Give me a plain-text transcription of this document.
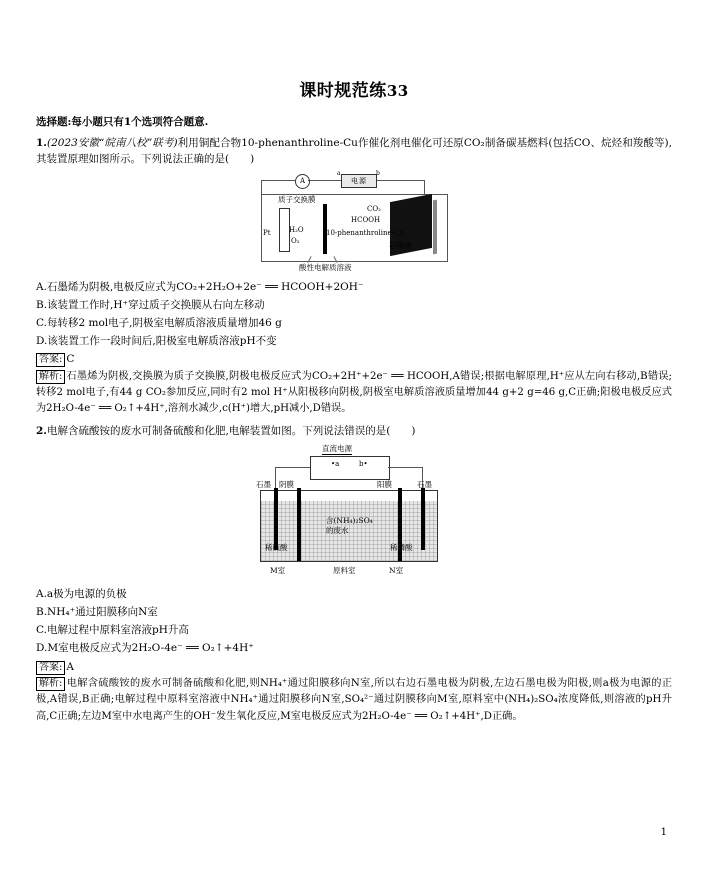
课时规范练33

选择题:每小题只有1个选项符合题意.

1.(2023安徽“皖南八校”联考)利用铜配合物10-phenanthroline-Cu作催化剂电催化可还原CO₂制备碳基燃料(包括CO、烷烃和羧酸等),其装置原理如图所示。下列说法正确的是(　　)

A	电源
a	b
质子交换膜
Pt	H₂O
O₂
10-phenanthroline-Cu
CO₂
HCOOH
石墨烯
酸性电解质溶液

A.石墨烯为阴极,电极反应式为CO₂+2H₂O+2e⁻ ══ HCOOH+2OH⁻

B.该装置工作时,H⁺穿过质子交换膜从右向左移动

C.每转移2 mol电子,阴极室电解质溶液质量增加46 g

D.该装置工作一段时间后,阳极室电解质溶液pH不变

答案: C

解析: 石墨烯为阴极,交换膜为质子交换膜,阴极电极反应式为CO₂+2H⁺+2e⁻ ══ HCOOH,A错误;根据电解原理,H⁺应从左向右移动,B错误;转移2 mol电子,有44 g CO₂参加反应,同时有2 mol H⁺从阳极移向阴极,阴极室电解质溶液质量增加44 g+2 g=46 g,C正确;阳极电极反应式为2H₂O-4e⁻ ══ O₂↑+4H⁺,溶剂水减少,c(H⁺)增大,pH减小,D错误。

2.电解含硫酸铵的废水可制备硫酸和化肥,电解装置如图。下列说法错误的是(　　)

直流电源
•a	b•
石墨 阴膜	阳膜	石墨
含(NH₄)₂SO₄
的废水
稀硫酸	稀磷酸
M室	原料室	N室

A.a极为电源的负极

B.NH₄⁺通过阳膜移向N室

C.电解过程中原料室溶液pH升高

D.M室电极反应式为2H₂O-4e⁻ ══ O₂↑+4H⁺

答案: A

解析: 电解含硫酸铵的废水可制备硫酸和化肥,则NH₄⁺通过阳膜移向N室,所以右边石墨电极为阴极,左边石墨电极为阳极,则a极为电源的正极,A错误,B正确;电解过程中原料室溶液中NH₄⁺通过阳膜移向N室,SO₄²⁻通过阴膜移向M室,原料室中(NH₄)₂SO₄浓度降低,则溶液的pH升高,C正确;左边M室中水电离产生的OH⁻发生氧化反应,M室电极反应式为2H₂O-4e⁻ ══ O₂↑+4H⁺,D正确。

1
